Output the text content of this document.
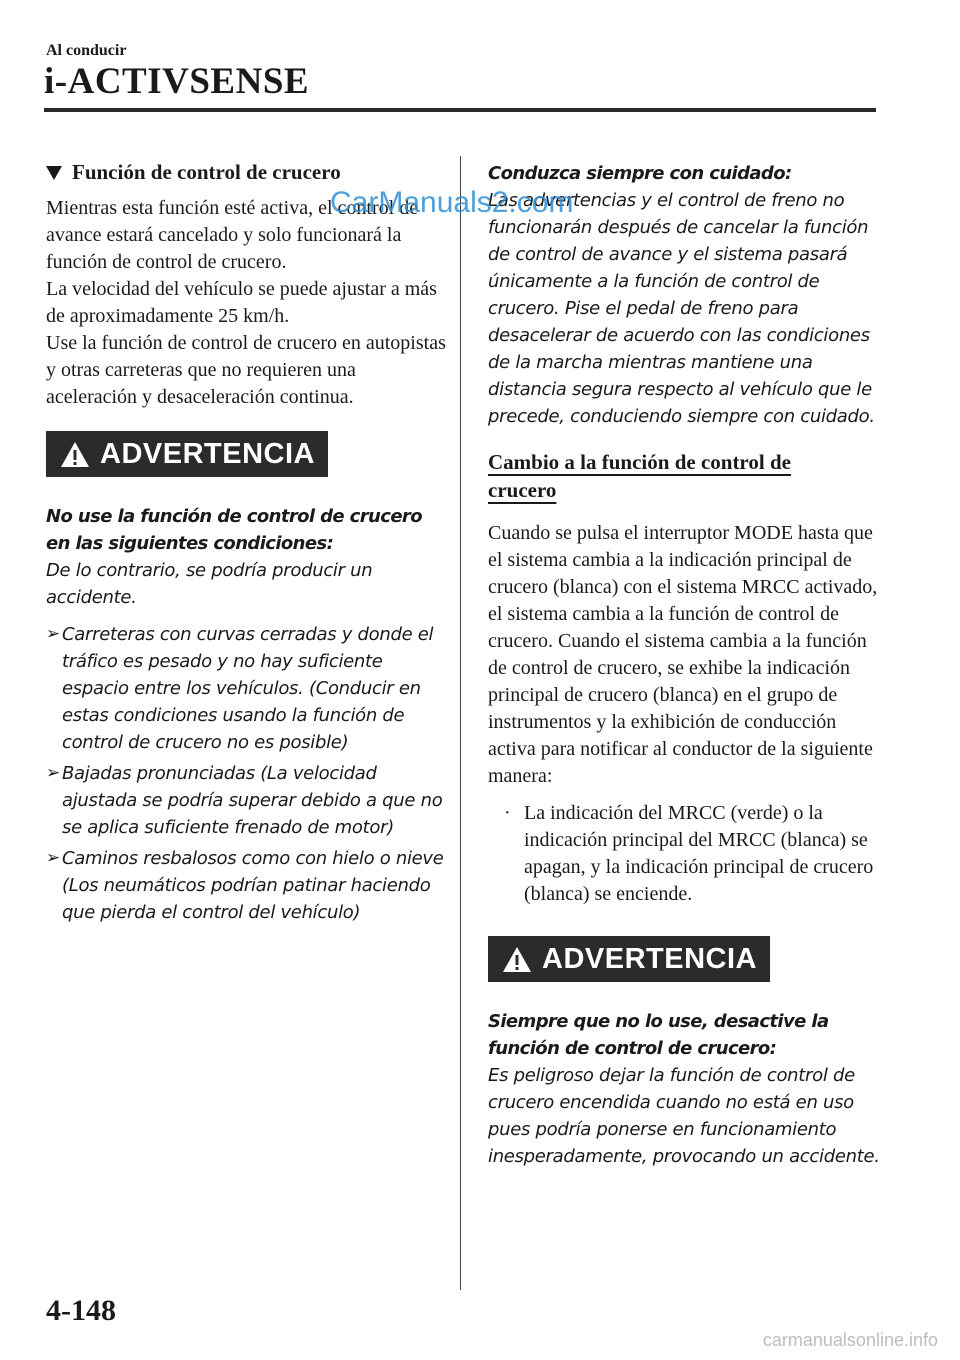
Al conducir
i-ACTIVSENSE
Función de control de crucero

Mientras esta función esté activa, el control de avance estará cancelado y solo funcionará la función de control de crucero.

La velocidad del vehículo se puede ajustar a más de aproximadamente 25 km/h.

Use la función de control de crucero en autopistas y otras carreteras que no requieren una aceleración y desaceleración continua.

ADVERTENCIA

No use la función de control de crucero en las siguientes condiciones:

De lo contrario, se podría producir un accidente.

➢ Carreteras con curvas cerradas y donde el tráfico es pesado y no hay suficiente espacio entre los vehículos. (Conducir en estas condiciones usando la función de control de crucero no es posible)
➢ Bajadas pronunciadas (La velocidad ajustada se podría superar debido a que no se aplica suficiente frenado de motor)
➢ Caminos resbalosos como con hielo o nieve (Los neumáticos podrían patinar haciendo que pierda el control del vehículo)

Conduzca siempre con cuidado:

Las advertencias y el control de freno no funcionarán después de cancelar la función de control de avance y el sistema pasará únicamente a la función de control de crucero. Pise el pedal de freno para desacelerar de acuerdo con las condiciones de la marcha mientras mantiene una distancia segura respecto al vehículo que le precede, conduciendo siempre con cuidado.

Cambio a la función de control de
crucero

Cuando se pulsa el interruptor MODE hasta que el sistema cambia a la indicación principal de crucero (blanca) con el sistema MRCC activado, el sistema cambia a la función de control de crucero. Cuando el sistema cambia a la función de control de crucero, se exhibe la indicación principal de crucero (blanca) en el grupo de instrumentos y la exhibición de conducción activa para notificar al conductor de la siguiente manera:

· La indicación del MRCC (verde) o la indicación principal del MRCC (blanca) se apagan, y la indicación principal de crucero (blanca) se enciende.
ADVERTENCIA

Siempre que no lo use, desactive la función de control de crucero:

Es peligroso dejar la función de control de crucero encendida cuando no está en uso pues podría ponerse en funcionamiento inesperadamente, provocando un accidente.

CarManuals2.com
4-148
carmanualsonline.info
